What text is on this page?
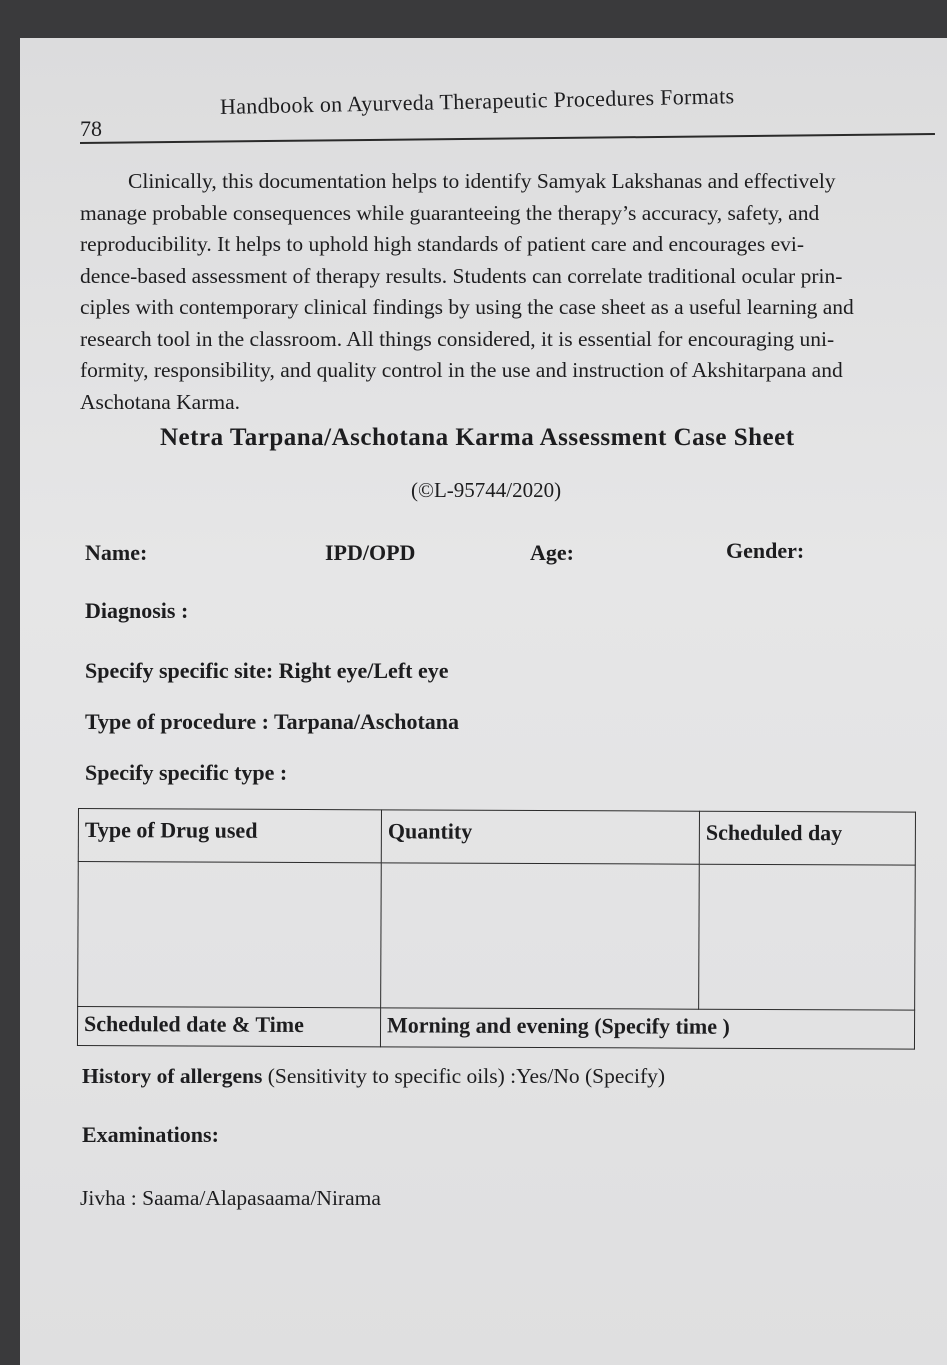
78
Handbook on Ayurveda Therapeutic Procedures Formats
Clinically, this documentation helps to identify Samyak Lakshanas and effectively
manage probable consequences while guaranteeing the therapy’s accuracy, safety, and
reproducibility. It helps to uphold high standards of patient care and encourages evi-
dence-based assessment of therapy results. Students can correlate traditional ocular prin-
ciples with contemporary clinical findings by using the case sheet as a useful learning and
research tool in the classroom. All things considered, it is essential for encouraging uni-
formity, responsibility, and quality control in the use and instruction of Akshitarpana and
Aschotana Karma.
Netra Tarpana/Aschotana Karma Assessment Case Sheet
(©L-95744/2020)
Name:	IPD/OPD	Age:	Gender:
Diagnosis :
Specify specific site: Right eye/Left eye
Type of procedure : Tarpana/Aschotana
Specify specific type :
Type of Drug used	Quantity	Scheduled day

Scheduled date & Time	Morning and evening (Specify time )	
History of allergens (Sensitivity to specific oils) :Yes/No (Specify)
Examinations:
Jivha : Saama/Alapasaama/Nirama
